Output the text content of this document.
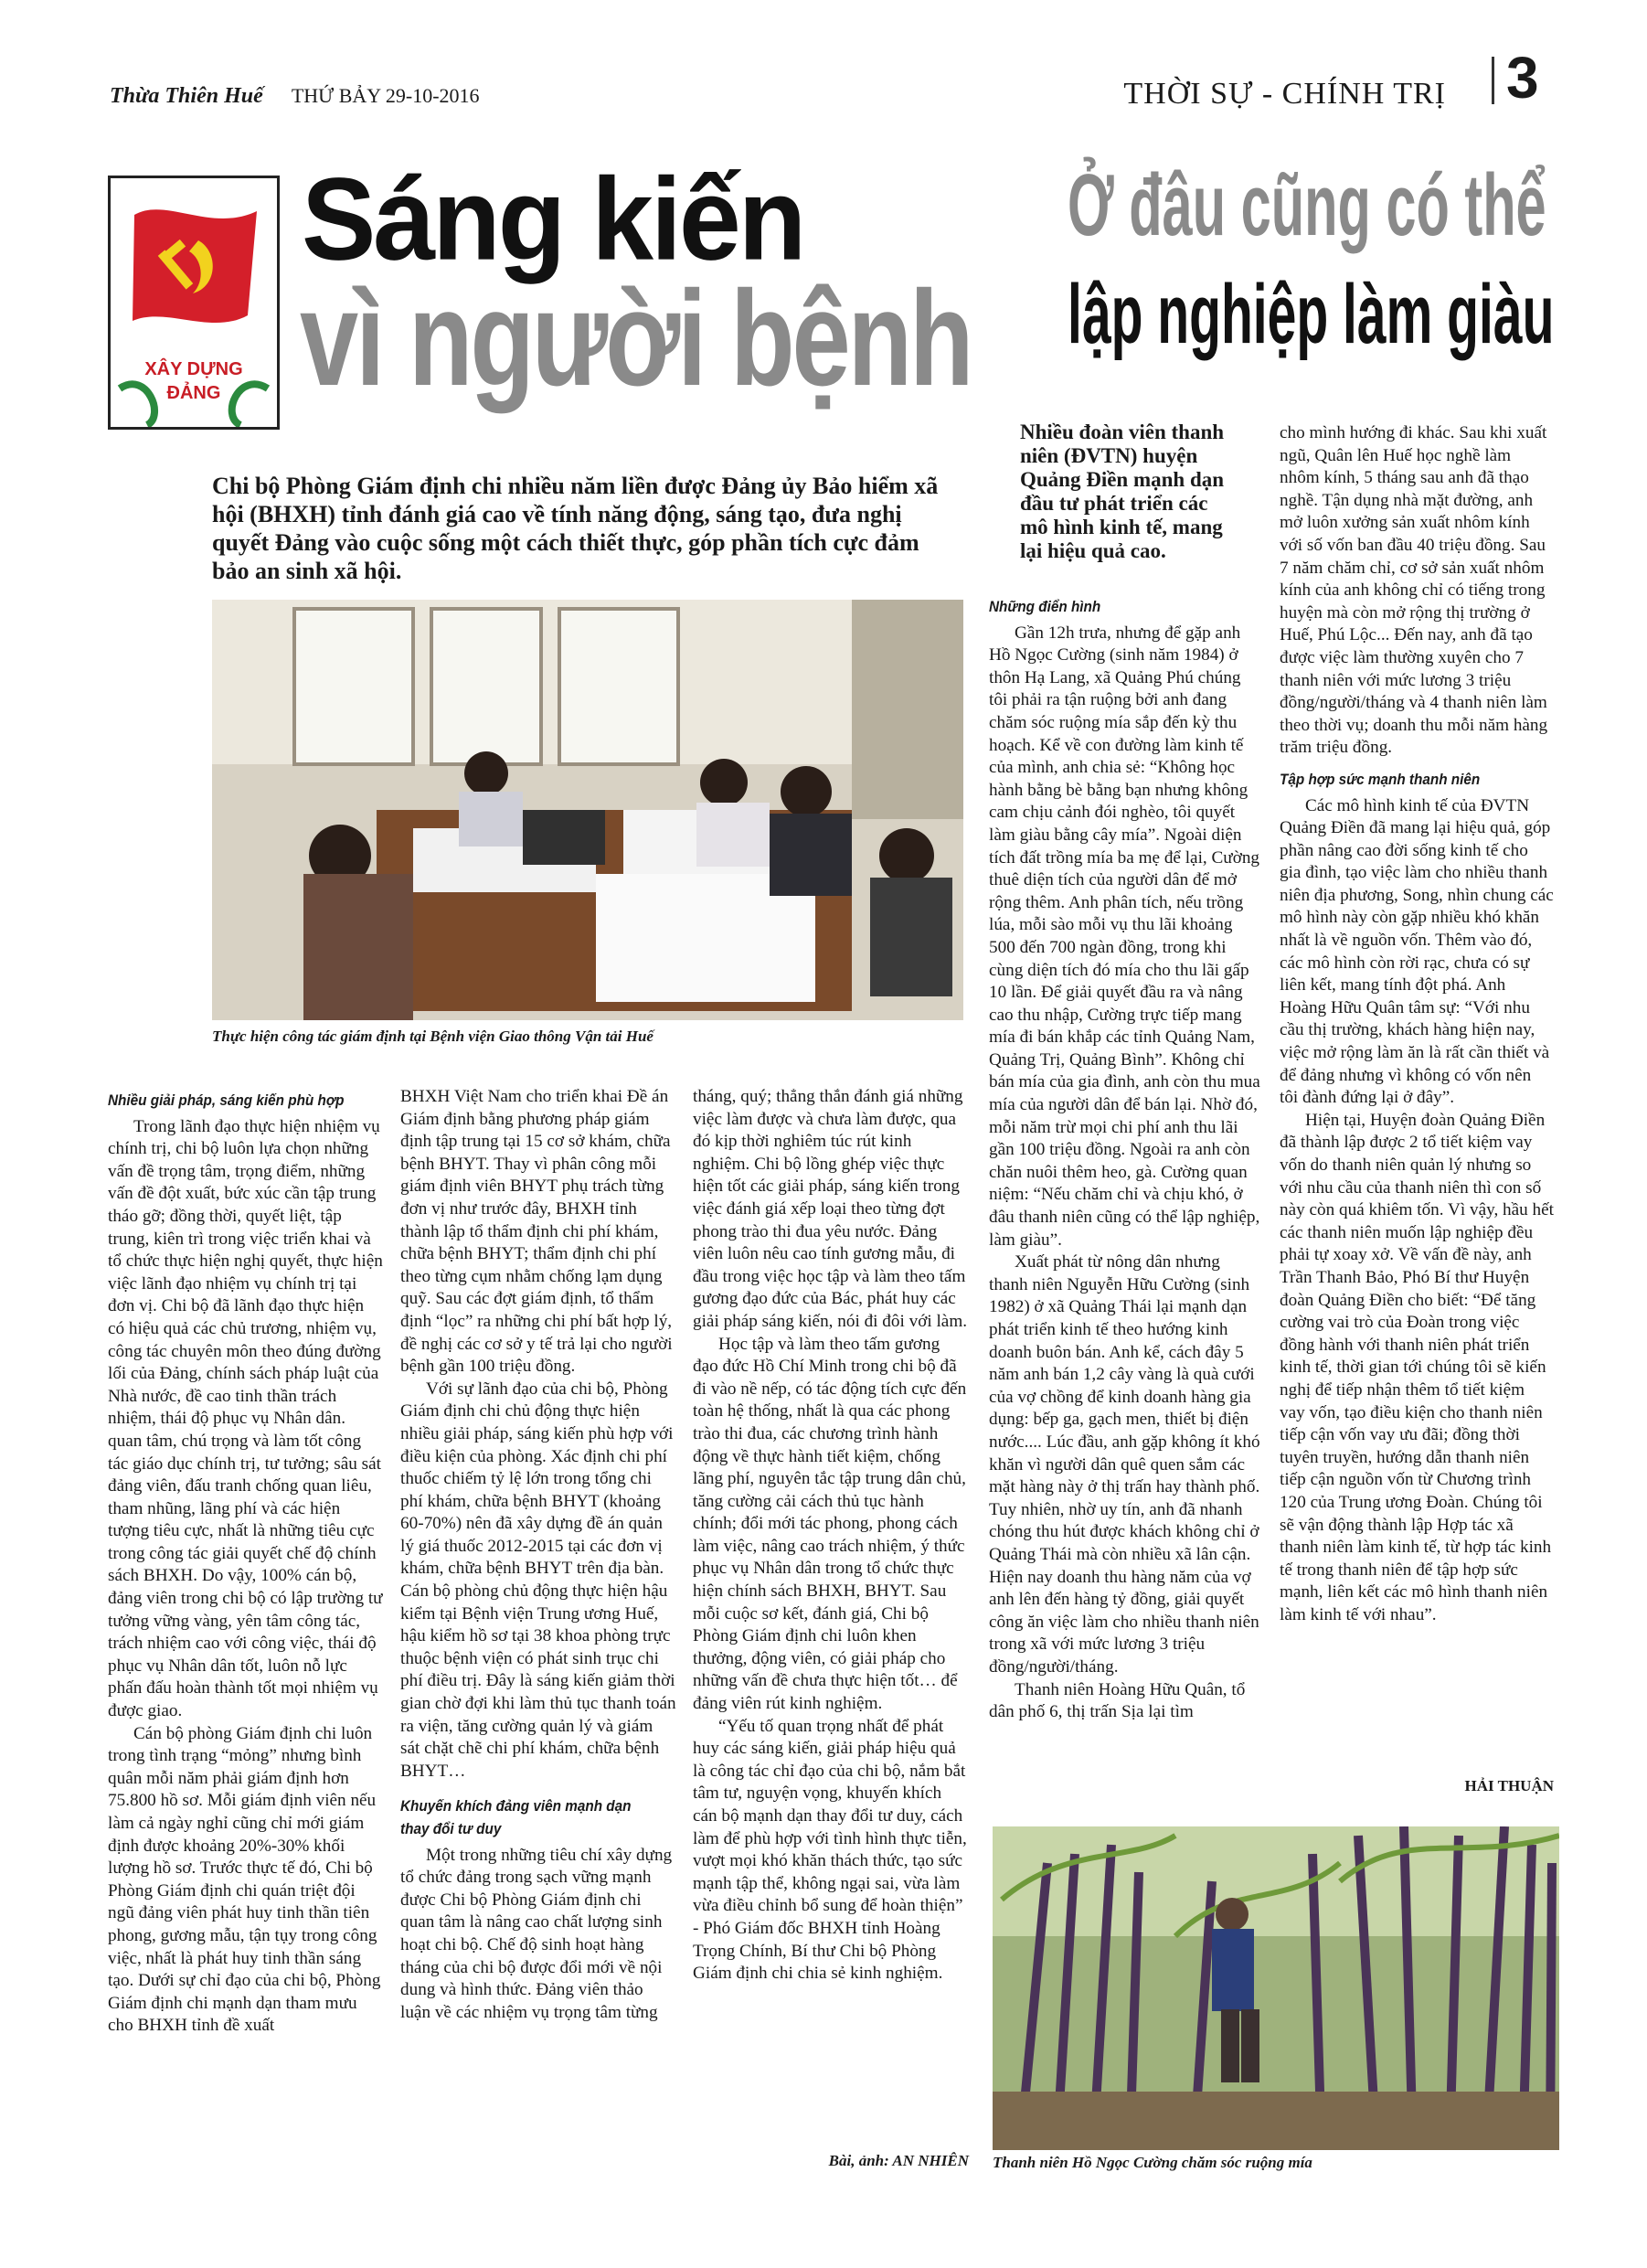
Thừa Thiên Huế THỨ BẢY 29-10-2016	THỜI SỰ - CHÍNH TRỊ 3
XÂY DỰNG
ĐẢNG
Sáng kiến
vì người bệnh
Ở đâu cũng có thể
lập nghiệp làm giàu
Chi bộ Phòng Giám định chi nhiều năm liền được Đảng ủy Bảo hiểm xã hội (BHXH) tỉnh đánh giá cao về tính năng động, sáng tạo, đưa nghị quyết Đảng vào cuộc sống một cách thiết thực, góp phần tích cực đảm bảo an sinh xã hội.
Nhiều đoàn viên thanh niên (ĐVTN) huyện Quảng Điền mạnh dạn đầu tư phát triển các mô hình kinh tế, mang lại hiệu quả cao.
Thực hiện công tác giám định tại Bệnh viện Giao thông Vận tải Huế
Nhiều giải pháp, sáng kiến phù hợp

Trong lãnh đạo thực hiện nhiệm vụ chính trị, chi bộ luôn lựa chọn những vấn đề trọng tâm, trọng điểm, những vấn đề đột xuất, bức xúc cần tập trung tháo gỡ; đồng thời, quyết liệt, tập trung, kiên trì trong việc triển khai và tổ chức thực hiện nghị quyết, thực hiện việc lãnh đạo nhiệm vụ chính trị tại đơn vị. Chi bộ đã lãnh đạo thực hiện có hiệu quả các chủ trương, nhiệm vụ, công tác chuyên môn theo đúng đường lối của Đảng, chính sách pháp luật của Nhà nước, đề cao tinh thần trách nhiệm, thái độ phục vụ Nhân dân. quan tâm, chú trọng và làm tốt công tác giáo dục chính trị, tư tưởng; sâu sát đảng viên, đấu tranh chống quan liêu, tham nhũng, lãng phí và các hiện tượng tiêu cực, nhất là những tiêu cực trong công tác giải quyết chế độ chính sách BHXH. Do vậy, 100% cán bộ, đảng viên trong chi bộ có lập trường tư tưởng vững vàng, yên tâm công tác, trách nhiệm cao với công việc, thái độ phục vụ Nhân dân tốt, luôn nỗ lực phấn đấu hoàn thành tốt mọi nhiệm vụ được giao.

Cán bộ phòng Giám định chi luôn trong tình trạng “mỏng” nhưng bình quân mỗi năm phải giám định hơn 75.800 hồ sơ. Mỗi giám định viên nếu làm cả ngày nghỉ cũng chỉ mới giám định được khoảng 20%-30% khối lượng hồ sơ. Trước thực tế đó, Chi bộ Phòng Giám định chi quán triệt đội ngũ đảng viên phát huy tinh thần tiên phong, gương mẫu, tận tụy trong công việc, nhất là phát huy tinh thần sáng tạo. Dưới sự chỉ đạo của chi bộ, Phòng Giám định chi mạnh dạn tham mưu cho BHXH tỉnh đề xuất

BHXH Việt Nam cho triển khai Đề án Giám định bằng phương pháp giám định tập trung tại 15 cơ sở khám, chữa bệnh BHYT. Thay vì phân công mỗi giám định viên BHYT phụ trách từng đơn vị như trước đây, BHXH tỉnh thành lập tổ thẩm định chi phí khám, chữa bệnh BHYT; thẩm định chi phí theo từng cụm nhằm chống lạm dụng quỹ. Sau các đợt giám định, tổ thẩm định “lọc” ra những chi phí bất hợp lý, đề nghị các cơ sở y tế trả lại cho người bệnh gần 100 triệu đồng.

Với sự lãnh đạo của chi bộ, Phòng Giám định chi chủ động thực hiện nhiều giải pháp, sáng kiến phù hợp với điều kiện của phòng. Xác định chi phí thuốc chiếm tỷ lệ lớn trong tổng chi phí khám, chữa bệnh BHYT (khoảng 60-70%) nên đã xây dựng đề án quản lý giá thuốc 2012-2015 tại các đơn vị khám, chữa bệnh BHYT trên địa bàn. Cán bộ phòng chủ động thực hiện hậu kiểm tại Bệnh viện Trung ương Huế, hậu kiểm hồ sơ tại 38 khoa phòng trực thuộc bệnh viện có phát sinh trục chi phí điều trị. Đây là sáng kiến giảm thời gian chờ đợi khi làm thủ tục thanh toán ra viện, tăng cường quản lý và giám sát chặt chẽ chi phí khám, chữa bệnh BHYT…

Khuyến khích đảng viên mạnh dạn thay đổi tư duy

Một trong những tiêu chí xây dựng tổ chức đảng trong sạch vững mạnh được Chi bộ Phòng Giám định chi quan tâm là nâng cao chất lượng sinh hoạt chi bộ. Chế độ sinh hoạt hàng tháng của chi bộ được đổi mới về nội dung và hình thức. Đảng viên thảo luận về các nhiệm vụ trọng tâm từng

tháng, quý; thẳng thắn đánh giá những việc làm được và chưa làm được, qua đó kịp thời nghiêm túc rút kinh nghiệm. Chi bộ lồng ghép việc thực hiện tốt các giải pháp, sáng kiến trong việc đánh giá xếp loại theo từng đợt phong trào thi đua yêu nước. Đảng viên luôn nêu cao tính gương mẫu, đi đầu trong việc học tập và làm theo tấm gương đạo đức của Bác, phát huy các giải pháp sáng kiến, nói đi đôi với làm.

Học tập và làm theo tấm gương đạo đức Hồ Chí Minh trong chi bộ đã đi vào nề nếp, có tác động tích cực đến toàn hệ thống, nhất là qua các phong trào thi đua, các chương trình hành động về thực hành tiết kiệm, chống lãng phí, nguyên tắc tập trung dân chủ, tăng cường cải cách thủ tục hành chính; đổi mới tác phong, phong cách làm việc, nâng cao trách nhiệm, ý thức phục vụ Nhân dân trong tổ chức thực hiện chính sách BHXH, BHYT. Sau mỗi cuộc sơ kết, đánh giá, Chi bộ Phòng Giám định chi luôn khen thưởng, động viên, có giải pháp cho những vấn đề chưa thực hiện tốt… để đảng viên rút kinh nghiệm.

“Yếu tố quan trọng nhất để phát huy các sáng kiến, giải pháp hiệu quả là công tác chỉ đạo của chi bộ, nắm bắt tâm tư, nguyện vọng, khuyến khích cán bộ mạnh dạn thay đổi tư duy, cách làm để phù hợp với tình hình thực tiễn, vượt mọi khó khăn thách thức, tạo sức mạnh tập thể, không ngại sai, vừa làm vừa điều chỉnh bổ sung để hoàn thiện” - Phó Giám đốc BHXH tỉnh Hoàng Trọng Chính, Bí thư Chi bộ Phòng Giám định chi chia sẻ kinh nghiệm.

Bài, ảnh: AN NHIÊN
Những điển hình

Gần 12h trưa, nhưng để gặp anh Hồ Ngọc Cường (sinh năm 1984) ở thôn Hạ Lang, xã Quảng Phú chúng tôi phải ra tận ruộng bởi anh đang chăm sóc ruộng mía sắp đến kỳ thu hoạch. Kể về con đường làm kinh tế của mình, anh chia sẻ: “Không học hành bằng bè bằng bạn nhưng không cam chịu cảnh đói nghèo, tôi quyết làm giàu bằng cây mía”. Ngoài diện tích đất trồng mía ba mẹ để lại, Cường thuê diện tích của người dân để mở rộng thêm. Anh phân tích, nếu trồng lúa, mỗi sào mỗi vụ thu lãi khoảng 500 đến 700 ngàn đồng, trong khi cùng diện tích đó mía cho thu lãi gấp 10 lần. Để giải quyết đầu ra và nâng cao thu nhập, Cường trực tiếp mang mía đi bán khắp các tỉnh Quảng Nam, Quảng Trị, Quảng Bình”. Không chỉ bán mía của gia đình, anh còn thu mua mía của người dân để bán lại. Nhờ đó, mỗi năm trừ mọi chi phí anh thu lãi gần 100 triệu đồng. Ngoài ra anh còn chăn nuôi thêm heo, gà. Cường quan niệm: “Nếu chăm chỉ và chịu khó, ở đâu thanh niên cũng có thể lập nghiệp, làm giàu”.

Xuất phát từ nông dân nhưng thanh niên Nguyễn Hữu Cường (sinh 1982) ở xã Quảng Thái lại mạnh dạn phát triển kinh tế theo hướng kinh doanh buôn bán. Anh kể, cách đây 5 năm anh bán 1,2 cây vàng là quà cưới của vợ chồng để kinh doanh hàng gia dụng: bếp ga, gạch men, thiết bị điện nước.... Lúc đầu, anh gặp không ít khó khăn vì người dân quê quen sắm các mặt hàng này ở thị trấn hay thành phố. Tuy nhiên, nhờ uy tín, anh đã nhanh chóng thu hút được khách không chỉ ở Quảng Thái mà còn nhiều xã lân cận. Hiện nay doanh thu hàng năm của vợ anh lên đến hàng tỷ đồng, giải quyết công ăn việc làm cho nhiều thanh niên trong xã với mức lương 3 triệu đồng/người/tháng.

Thanh niên Hoàng Hữu Quân, tổ dân phố 6, thị trấn Sịa lại tìm

cho mình hướng đi khác. Sau khi xuất ngũ, Quân lên Huế học nghề làm nhôm kính, 5 tháng sau anh đã thạo nghề. Tận dụng nhà mặt đường, anh mở luôn xưởng sản xuất nhôm kính với số vốn ban đầu 40 triệu đồng. Sau 7 năm chăm chỉ, cơ sở sản xuất nhôm kính của anh không chỉ có tiếng trong huyện mà còn mở rộng thị trường ở Huế, Phú Lộc... Đến nay, anh đã tạo được việc làm thường xuyên cho 7 thanh niên với mức lương 3 triệu đồng/người/tháng và 4 thanh niên làm theo thời vụ; doanh thu mỗi năm hàng trăm triệu đồng.

Tập hợp sức mạnh thanh niên

Các mô hình kinh tế của ĐVTN Quảng Điền đã mang lại hiệu quả, góp phần nâng cao đời sống kinh tế cho gia đình, tạo việc làm cho nhiều thanh niên địa phương, Song, nhìn chung các mô hình này còn gặp nhiều khó khăn nhất là về nguồn vốn. Thêm vào đó, các mô hình còn rời rạc, chưa có sự liên kết, mang tính đột phá. Anh Hoàng Hữu Quân tâm sự: “Với nhu cầu thị trường, khách hàng hiện nay, việc mở rộng làm ăn là rất cần thiết và để đảng nhưng vì không có vốn nên tôi đành đứng lại ở đây”.

Hiện tại, Huyện đoàn Quảng Điền đã thành lập được 2 tổ tiết kiệm vay vốn do thanh niên quản lý nhưng so với nhu cầu của thanh niên thì con số này còn quá khiêm tốn. Vì vậy, hầu hết các thanh niên muốn lập nghiệp đều phải tự xoay xở. Về vấn đề này, anh Trần Thanh Bảo, Phó Bí thư Huyện đoàn Quảng Điền cho biết: “Để tăng cường vai trò của Đoàn trong việc đồng hành với thanh niên phát triển kinh tế, thời gian tới chúng tôi sẽ kiến nghị để tiếp nhận thêm tổ tiết kiệm vay vốn, tạo điều kiện cho thanh niên tiếp cận vốn vay ưu đãi; đồng thời tuyên truyền, hướng dẫn thanh niên tiếp cận nguồn vốn từ Chương trình 120 của Trung ương Đoàn. Chúng tôi sẽ vận động thành lập Hợp tác xã thanh niên làm kinh tế, từ hợp tác kinh tế trong thanh niên để tập hợp sức mạnh, liên kết các mô hình thanh niên làm kinh tế với nhau”.

HẢI THUẬN
Thanh niên Hồ Ngọc Cường chăm sóc ruộng mía
